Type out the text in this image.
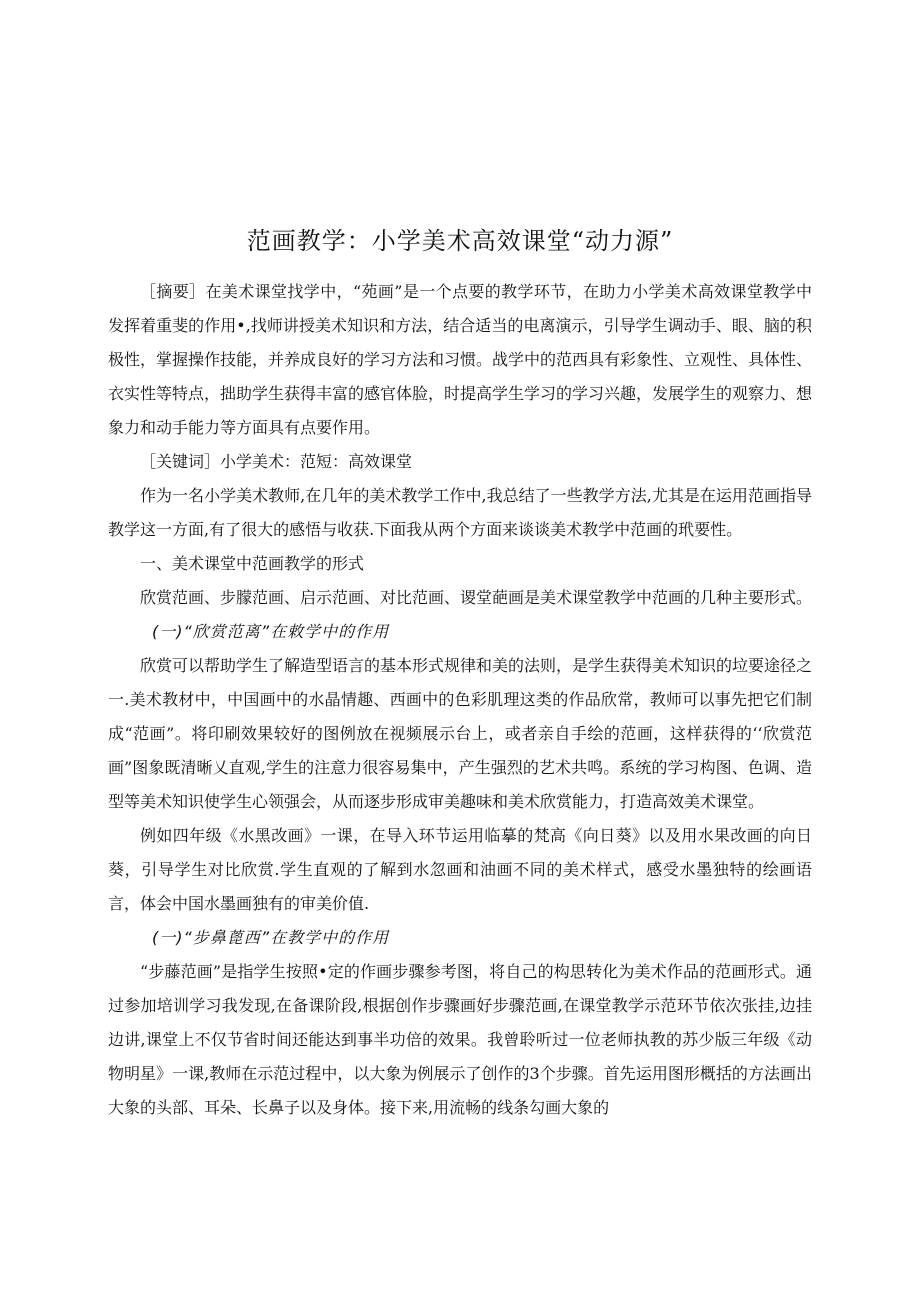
范画教学：小学美术高效课堂“动力源”

［摘要］在美术课堂找学中，“苑画”是一个点要的教学环节，在助力小学美术高效课堂教学中发挥着重斐的作用•,找师讲授美术知识和方法，结合适当的电离演示，引导学生调动手、眼、脑的积极性，掌握操作技能，并养成良好的学习方法和习惯。战学中的范西具有彩象性、立观性、具体性、衣实性等特点，拙助学生获得丰富的感官体脸，时提高学生学习的学习兴趣，发展学生的观察力、想象力和动手能力等方面具有点要作用。

［关键词］小学美术：范短：高效课堂

作为一名小学美术教师,在几年的美术教学工作中,我总结了一些教学方法,尤其是在运用范画指导教学这一方面,有了很大的感悟与收获.下面我从两个方面来谈谈美术教学中范画的玳要性。

一、美术课堂中范画教学的形式

欣赏范画、步朦范画、启示范画、对比范画、谡堂葩画是美术课堂教学中范画的几种主要形式。

(一)“欣赏范离”在敕学中的作用

欣赏可以帮助学生了解造型语言的基本形式规律和美的法则，是学生获得美术知识的垃要途径之一.美术教材中，中国画中的水晶情趣、西画中的色彩肌理这类的作品欣常，教师可以事先把它们制成“范画”。将印刷效果较好的图例放在视频展示台上，或者亲自手绘的范画，这样获得的‘‘欣赏范画”图象既清晰乂直观,学生的注意力很容易集中，产生强烈的艺术共鸣。系统的学习构图、色调、造型等美术知识使学生心领强会，从而逐步形成审美趣味和美术欣赏能力，打造高效美术课堂。

例如四年级《水黑改画》一课，在导入环节运用临摹的梵高《向日葵》以及用水果改画的向日葵，引导学生对比欣赏.学生直观的了解到水忽画和油画不同的美术样式，感受水墨独特的绘画语言，体会中国水墨画独有的审美价值.

(一)“步鼻蓖西”在教学中的作用

“步藤范画”是指学生按照•定的作画步骤参考图，将自己的构思转化为美术作品的范画形式。通过参加培训学习我发现,在备课阶段,根据创作步骤画好步骤范画,在课堂教学示范环节依次张挂,边挂边讲,课堂上不仅节省时间还能达到事半功倍的效果。我曾聆听过一位老师执教的苏少版三年级《动物明星》一课,教师在示范过程中，以大象为例展示了创作的3个步骤。首先运用图形概括的方法画出大象的头部、耳朵、长鼻子以及身体。接下来,用流畅的线条勾画大象的
